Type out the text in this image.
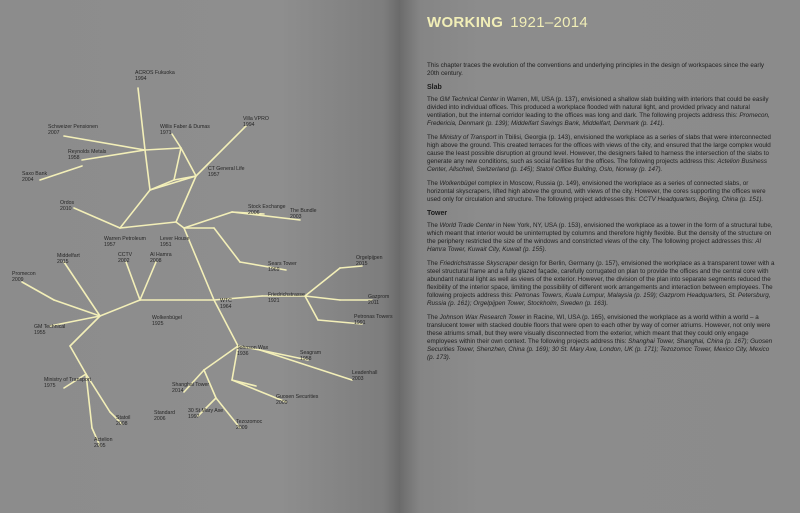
ACROS Fukuoka 1994
Schweizer Pensionen 2007
Willis Faber & Dumas 1971
Villa VPRO 1994
Reynolds Metals 1958
Saxo Bank 2004
CT General Life 1957
Ordos 2010	Stock Exchange 2006	The Bundle 2003
Warren Petroleum 1957
Lever House 1951
CCTV 2002
Al Hamra 2008	Sears Tower 1969
Orgelpijpen 2015
Middelfart 2015
Promecon 2009
Gazprom 2011
Friedrichstrasse 1921
Wolkenbügel 1925
WTC 1964
GM Technical 1955
Petronas Towers 1991
Johnson Wax 1936	Seagram 1958
Leadenhall 2003
Ministry of Transport 1975	Shanghai Tower 2014
Guosen Securities 2009
30 St Mary Axe 1997
Statoil 2008	Tezozomoc 2009
Actelion 2005
Standard 2006
WORKING 1921–2014

This chapter traces the evolution of the conventions and underlying principles in the design of workspaces since the early 20th century.

Slab

The GM Technical Center in Warren, MI, USA (p. 137), envisioned a shallow slab building with interiors that could be easily divided into individual offices. This produced a workplace flooded with natural light, and provided privacy and natural ventilation, but the internal corridor leading to the offices was long and dark. The following projects address this: Promecon, Fredericia, Denmark (p. 139); Middelfart Savings Bank, Middelfart, Denmark (p. 141).

The Ministry of Transport in Tbilisi, Georgia (p. 143), envisioned the workplace as a series of slabs that were interconnected high above the ground. This created terraces for the offices with views of the city, and ensured that the large complex would cause the least possible disruption at ground level. However, the designers failed to harness the intersection of the slabs to generate any new conditions, such as social facilities for the offices. The following projects address this: Actelion Business Center, Allschwil, Switzerland (p. 145); Statoil Office Building, Oslo, Norway (p. 147).

The Wolkenbügel complex in Moscow, Russia (p. 149), envisioned the workplace as a series of connected slabs, or horizontal skyscrapers, lifted high above the ground, with views of the city. However, the cores supporting the offices were used only for circulation and structure. The following project addresses this: CCTV Headquarters, Beijing, China (p. 151).

Tower

The World Trade Center in New York, NY, USA (p. 153), envisioned the workplace as a tower in the form of a structural tube, which meant that interior would be uninterrupted by columns and therefore highly flexible. But the density of the structure on the periphery restricted the size of the windows and constricted views of the city. The following project addresses this: Al Hamra Tower, Kuwait City, Kuwait (p. 155).

The Friedrichstrasse Skyscraper design for Berlin, Germany (p. 157), envisioned the workplace as a transparent tower with a steel structural frame and a fully glazed façade, carefully corrugated on plan to provide the offices and the central core with abundant natural light as well as views of the exterior. However, the division of the plan into separate segments reduced the flexibility of the interior space, limiting the possibility of different work arrangements and interaction between employees. The following projects address this: Petronas Towers, Kuala Lumpur, Malaysia (p. 159); Gazprom Headquarters, St. Petersburg, Russia (p. 161); Orgelpijpen Tower, Stockholm, Sweden (p. 163).

The Johnson Wax Research Tower in Racine, WI, USA (p. 165), envisioned the workplace as a world within a world – a translucent tower with stacked double floors that were open to each other by way of corner atriums. However, not only were these atriums small, but they were visually disconnected from the exterior, which meant that they could only engage employees within their own context. The following projects address this: Shanghai Tower, Shanghai, China (p. 167); Guosen Securities Tower, Shenzhen, China (p. 169); 30 St. Mary Axe, London, UK (p. 171); Tezozomoc Tower, Mexico City, Mexico (p. 173).
